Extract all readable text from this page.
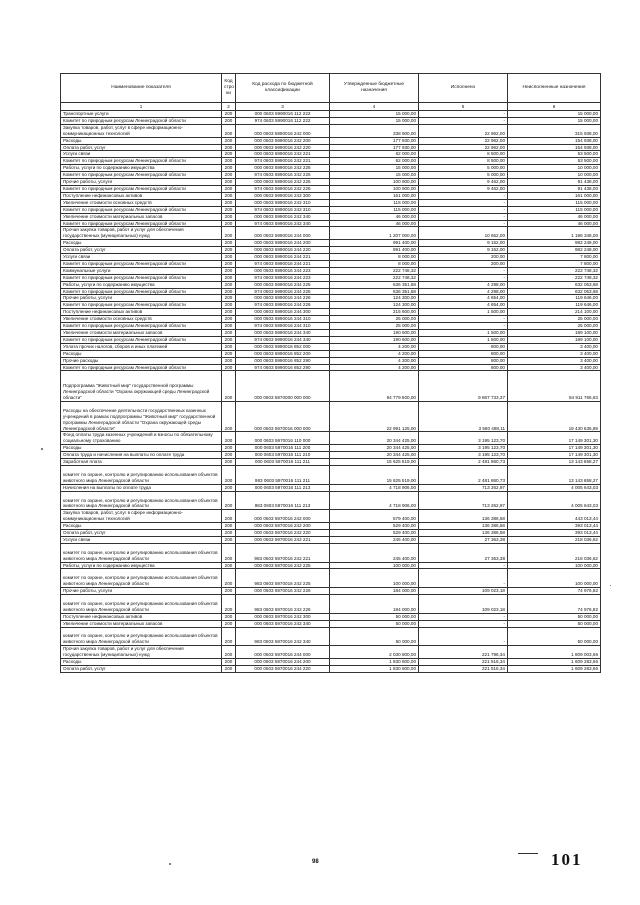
Наименование показателя	Код стро ки	Код расхода по бюджетной классификации	Утвержденные бюджетные назначения	Исполнено	Неисполненные назначения
1	2	3	4	5	6
Транспортные услуги	200	000 0603 5990016 112 222	15 000,00	-	15 000,00
Комитет по природным ресурсам Ленинградской области	200	974 0603 5990016 112 222	15 000,00	-	15 000,00
Закупка товаров, работ, услуг в сфере информационно-коммуникационных технологий	200	000 0603 5990016 242 000	338 900,00	22 962,00	315 938,00
Расходы	200	000 0603 5990016 242 200	177 930,00	22 962,00	154 938,00
Оплата работ, услуг	200	000 0603 5990016 242 220	177 930,00	22 962,00	154 938,00
Услуги связи	200	000 0603 5990016 242 221	62 000,00	8 500,00	53 500,00
Комитет по природным ресурсам Ленинградской области	200	974 0603 5990016 242 221	62 000,00	8 500,00	53 500,00
Работы, услуги по содержанию имущества	200	000 0603 5990016 242 225	15 000,00	5 000,00	10 000,00
Комитет по природным ресурсам Ленинградской области	200	974 0603 5990016 242 225	15 000,00	5 000,00	10 000,00
Прочие работы, услуги	200	000 0603 5990016 242 226	100 900,00	9 462,00	91 438,00
Комитет по природным ресурсам Ленинградской области	200	974 0603 5990016 242 226	100 900,00	9 462,00	91 438,00
Поступление нефинансовых активов	200	000 0603 5990016 242 300	161 000,00	-	161 000,00
Увеличение стоимости основных средств	200	000 0603 5990016 242 310	115 000,00	-	115 000,00
Комитет по природным ресурсам Ленинградской области	200	974 0603 5990016 242 310	115 000,00	-	115 000,00
Увеличение стоимости материальных запасов	200	000 0603 5990016 242 340	46 000,00	-	46 000,00
Комитет по природным ресурсам Ленинградской области	200	974 0603 5990016 242 340	46 000,00	-	46 000,00
Прочая закупка товаров, работ и услуг для обеспечения государственных (муниципальных) нужд	200	000 0603 5990016 244 000	1 207 000,00	10 652,00	1 196 348,00
Расходы	200	000 0603 5990016 244 200	991 400,00	9 152,00	982 248,00
Оплата работ, услуг	200	000 0603 5990016 244 220	991 400,00	9 152,00	982 248,00
Услуги связи	200	000 0603 5990016 244 221	8 000,00	200,00	7 800,00
Комитет по природным ресурсам Ленинградской области	200	974 0603 5990016 244 221	8 000,00	200,00	7 800,00
Коммунальные услуги	200	000 0603 5990016 244 223	222 748,32	-	222 748,32
Комитет по природным ресурсам Ленинградской области	200	974 0603 5990016 244 223	222 748,32	-	222 748,32
Работы, услуги по содержанию имущества	200	000 0603 5990016 244 225	636 351,68	4 298,00	632 053,68
Комитет по природным ресурсам Ленинградской области	200	974 0603 5990016 244 225	636 351,68	4 298,00	632 053,68
Прочие работы, услуги	200	000 0603 5990016 244 226	124 300,00	4 654,00	119 646,00
Комитет по природным ресурсам Ленинградской области	200	974 0603 5990016 244 226	124 300,00	4 654,00	119 646,00
Поступление нефинансовых активов	200	000 0603 5990016 244 300	215 600,00	1 500,00	214 100,00
Увеличение стоимости основных средств	200	000 0603 5990016 244 310	25 000,00	-	25 000,00
Комитет по природным ресурсам Ленинградской области	200	974 0603 5990016 244 310	25 000,00	-	25 000,00
Увеличение стоимости материальных запасов	200	000 0603 5990016 244 340	190 600,00	1 500,00	189 100,00
Комитет по природным ресурсам Ленинградской области	200	974 0603 5990016 244 340	190 600,00	1 500,00	189 100,00
Уплата прочих налогов, сборов и иных платежей	200	000 0603 5990016 852 000	4 200,00	800,00	3 400,00
Расходы	200	000 0603 5990016 852 200	4 200,00	800,00	3 400,00
Прочие расходы	200	000 0603 5990016 852 290	4 200,00	800,00	3 400,00
Комитет по природным ресурсам Ленинградской области	200	974 0603 5990016 852 290	4 200,00	800,00	3 400,00
Подпрограмма "Животный мир" государственной программы Ленинградской области "Охрана окружающей среды Ленинградской области"	200	000 0603 5970000 000 000	94 779 500,00	9 867 733,37	84 911 766,63
Расходы на обеспечение деятельности государственных казенных учреждений в рамках подпрограммы "Животный мир" государственной программы Ленинградской области "Охрана окружающей среды Ленинградской области"	200	000 0603 5970016 000 000	22 991 125,00	3 560 488,11	19 430 636,89
Фонд оплаты труда казенных учреждений и взносы по обязательному социальному страхованию	200	000 0603 5970016 110 000	20 344 425,00	3 195 123,70	17 149 301,30
Расходы	200	000 0603 5970016 111 200	20 344 425,00	3 195 123,70	17 149 301,30
Оплата труда и начисления на выплаты по оплате труда	200	000 0603 5970016 111 210	20 344 425,00	3 195 123,70	17 149 301,30
Заработная плата	200	000 0603 5970016 111 211	15 625 519,00	2 481 860,73	13 143 658,27
комитет по охране, контролю и регулированию использования объектов животного мира Ленинградской области	200	983 0603 5970016 111 211	15 625 519,00	2 481 860,73	13 143 658,27
Начисления на выплаты по оплате труда	200	000 0603 5970016 111 213	4 718 906,00	713 262,97	4 005 643,03
комитет по охране, контролю и регулированию использования объектов животного мира Ленинградской области	200	983 0603 5970016 111 213	4 718 906,00	713 262,97	4 005 643,03
Закупка товаров, работ, услуг в сфере информационно-коммуникационных технологий	200	000 0603 5970016 242 000	579 400,00	136 386,58	443 013,44
Расходы	200	000 0603 5970016 242 200	529 400,00	136 386,58	393 013,44
Оплата работ, услуг	200	000 0603 5970016 242 220	529 400,00	136 386,58	393 013,44
Услуги связи	200	000 0603 5970016 242 221	245 400,00	27 363,38	218 036,62
комитет по охране, контролю и регулированию использования объектов животного мира Ленинградской области	200	983 0603 5970016 242 221	245 400,00	27 363,38	218 036,62
Работы, услуги по содержанию имущества	200	000 0603 5970016 242 225	100 000,00	-	100 000,00
комитет по охране, контролю и регулированию использования объектов животного мира Ленинградской области	200	983 0603 5970016 242 225	100 000,00	-	100 000,00
Прочие работы, услуги	200	000 0603 5970016 242 226	184 000,00	109 023,18	74 976,82
комитет по охране, контролю и регулированию использования объектов животного мира Ленинградской области	200	983 0603 5970016 242 226	184 000,00	109 023,18	74 976,82
Поступление нефинансовых активов	200	000 0603 5970016 242 300	50 000,00	-	50 000,00
Увеличение стоимости материальных запасов	200	000 0603 5970016 242 340	50 000,00	-	50 000,00
комитет по охране, контролю и регулированию использования объектов животного мира Ленинградской области	200	983 0603 5970016 242 340	50 000,00	-	50 000,00
Прочая закупка товаров, работ и услуг для обеспечения государственных (муниципальных) нужд	200	000 0603 5970016 244 000	2 030 800,00	221 796,34	1 809 003,66
Расходы	200	000 0603 5970016 244 200	1 830 800,00	221 516,34	1 609 283,66
Оплата работ, услуг	200	000 0603 5970016 244 220	1 830 800,00	221 516,34	1 609 283,66
98	101
